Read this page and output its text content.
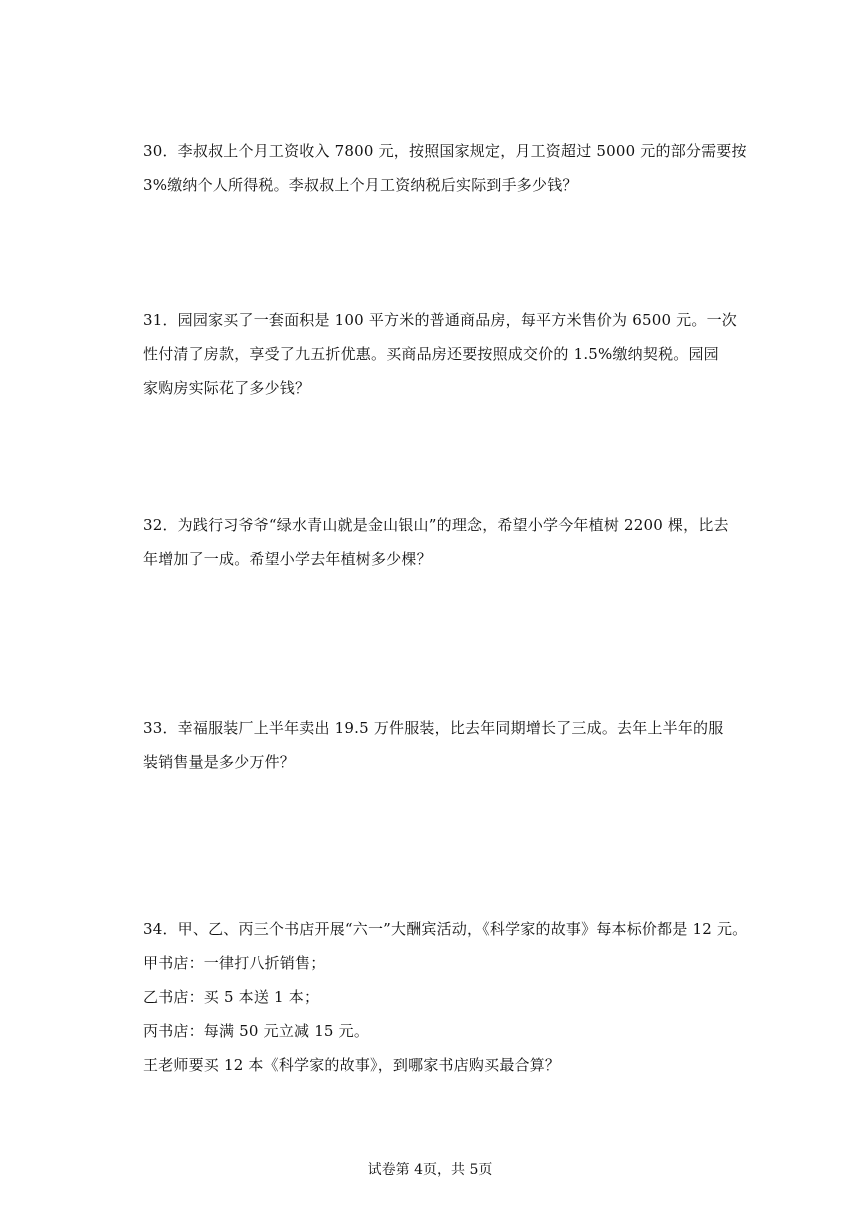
30．李叔叔上个月工资收入 7800 元，按照国家规定，月工资超过 5000 元的部分需要按

3%缴纳个人所得税。李叔叔上个月工资纳税后实际到手多少钱？

31．园园家买了一套面积是 100 平方米的普通商品房，每平方米售价为 6500 元。一次

性付清了房款，享受了九五折优惠。买商品房还要按照成交价的 1.5%缴纳契税。园园

家购房实际花了多少钱？

32．为践行习爷爷“绿水青山就是金山银山”的理念，希望小学今年植树 2200 棵，比去

年增加了一成。希望小学去年植树多少棵？

33．幸福服装厂上半年卖出 19.5 万件服装，比去年同期增长了三成。去年上半年的服

装销售量是多少万件？

34．甲、乙、丙三个书店开展“六一”大酬宾活动，《科学家的故事》每本标价都是 12 元。

甲书店：一律打八折销售；

乙书店：买 5 本送 1 本；

丙书店：每满 50 元立减 15 元。

王老师要买 12 本《科学家的故事》，到哪家书店购买最合算？

试卷第 4页，共 5页
